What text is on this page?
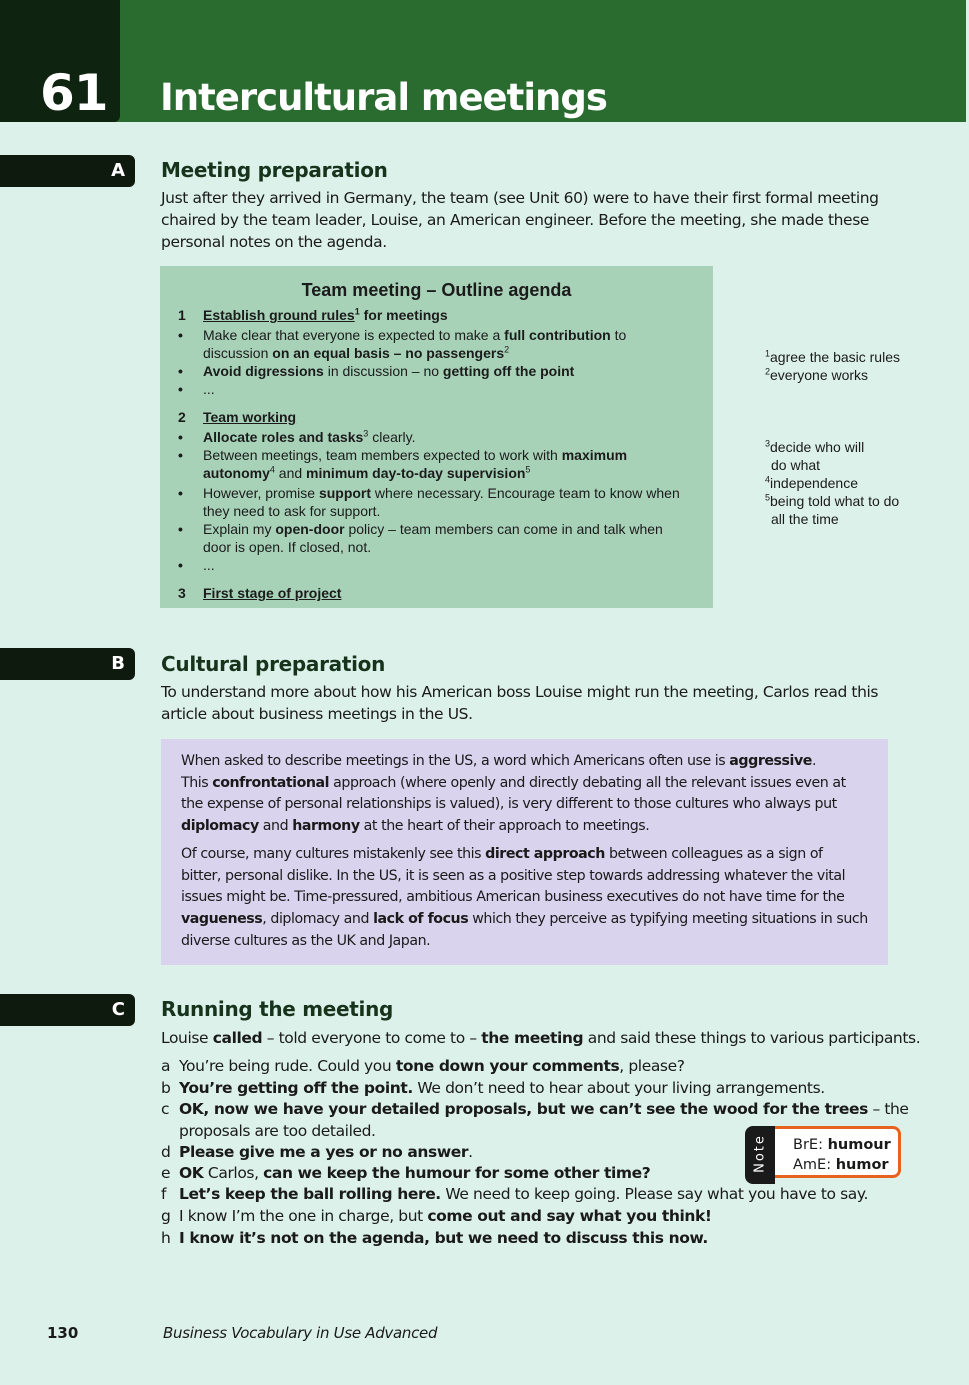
61 Intercultural meetings
A Meeting preparation
Just after they arrived in Germany, the team (see Unit 60) were to have their first formal meeting
chaired by the team leader, Louise, an American engineer. Before the meeting, she made these
personal notes on the agenda.
Team meeting – Outline agenda
1	Establish ground rules$^1$ for meetings
•	Make clear that everyone is expected to make a full contribution to
discussion on an equal basis – no passengers$^2$
•	Avoid digressions in discussion – no getting off the point
•	...
2	Team working
•	Allocate roles and tasks$^3$ clearly.
•	Between meetings, team members expected to work with maximum
autonomy$^4$ and minimum day-to-day supervision$^5$
•	However, promise support where necessary. Encourage team to know when
they need to ask for support.
•	Explain my open-door policy – team members can come in and talk when
door is open. If closed, not.
•	...
3	First stage of project
$^1$agree the basic rules
$^2$everyone works
$^3$decide who will
do what
$^4$independence
$^5$being told what to do
all the time
B Cultural preparation
To understand more about how his American boss Louise might run the meeting, Carlos read this
article about business meetings in the US.

When asked to describe meetings in the US, a word which Americans often use is aggressive.
This confrontational approach (where openly and directly debating all the relevant issues even at
the expense of personal relationships is valued), is very different to those cultures who always put
diplomacy and harmony at the heart of their approach to meetings.

Of course, many cultures mistakenly see this direct approach between colleagues as a sign of
bitter, personal dislike. In the US, it is seen as a positive step towards addressing whatever the vital
issues might be. Time-pressured, ambitious American business executives do not have time for the
vagueness, diplomacy and lack of focus which they perceive as typifying meeting situations in such
diverse cultures as the UK and Japan.

C Running the meeting
Louise called – told everyone to come to – the meeting and said these things to various participants.
a You’re being rude. Could you tone down your comments, please?
b You’re getting off the point. We don’t need to hear about your living arrangements.
c OK, now we have your detailed proposals, but we can’t see the wood for the trees – the
proposals are too detailed.
d Please give me a yes or no answer.
e OK Carlos, can we keep the humour for some other time?
f Let’s keep the ball rolling here. We need to keep going. Please say what you have to say.
g I know I’m the one in charge, but come out and say what you think!
h I know it’s not on the agenda, but we need to discuss this now.
Note BrE: humour
AmE: humor
130	Business Vocabulary in Use Advanced
